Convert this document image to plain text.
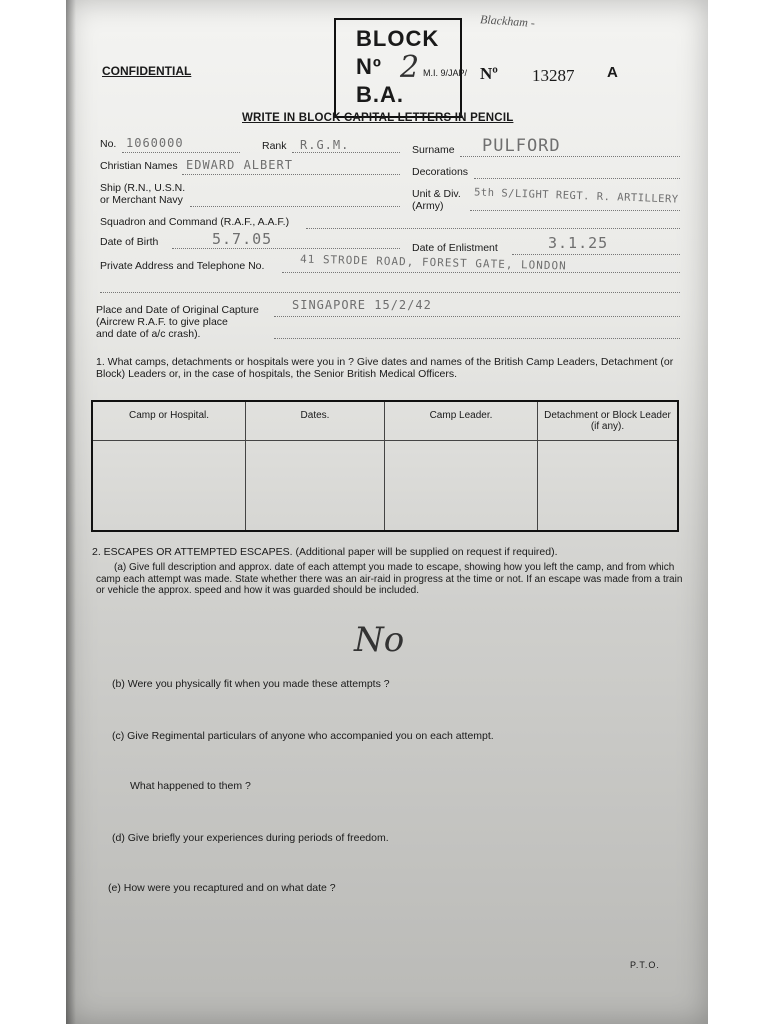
CONFIDENTIAL
BLOCK
Nº
B.A.
2 M.I. 9/JAP/ Nº 13287 A
Blackham -
WRITE IN BLOCK CAPITAL LETTERS IN PENCIL
No. 1060000	Rank R.G.M.	Surname PULFORD
Christian Names EDWARD ALBERT	Decorations
Ship (R.N., U.S.N.
or Merchant Navy	Unit & Div.
(Army)
5th S/LIGHT REGT. R. ARTILLERY
Squadron and Command (R.A.F., A.A.F.)
Date of Birth	5.7.05	Date of Enlistment	3.1.25
Private Address and Telephone No.	41 STRODE ROAD, FOREST GATE, LONDON
Place and Date of Original Capture
(Aircrew R.A.F. to give place
and date of a/c crash).
SINGAPORE 15/2/42
1. What camps, detachments or hospitals were you in ? Give dates and names of the British Camp Leaders, Detachment (or Block) Leaders or, in the case of hospitals, the Senior British Medical Officers.
Camp or Hospital.	Dates.	Camp Leader.	Detachment or Block Leader (if any).

2. ESCAPES OR ATTEMPTED ESCAPES. (Additional paper will be supplied on request if required).
(a) Give full description and approx. date of each attempt you made to escape, showing how you left the camp, and from which camp each attempt was made. State whether there was an air-raid in progress at the time or not. If an escape was made from a train or vehicle the approx. speed and how it was guarded should be included.
No
(b) Were you physically fit when you made these attempts ?
(c) Give Regimental particulars of anyone who accompanied you on each attempt.
What happened to them ?
(d) Give briefly your experiences during periods of freedom.
(e) How were you recaptured and on what date ?
P.T.O.
